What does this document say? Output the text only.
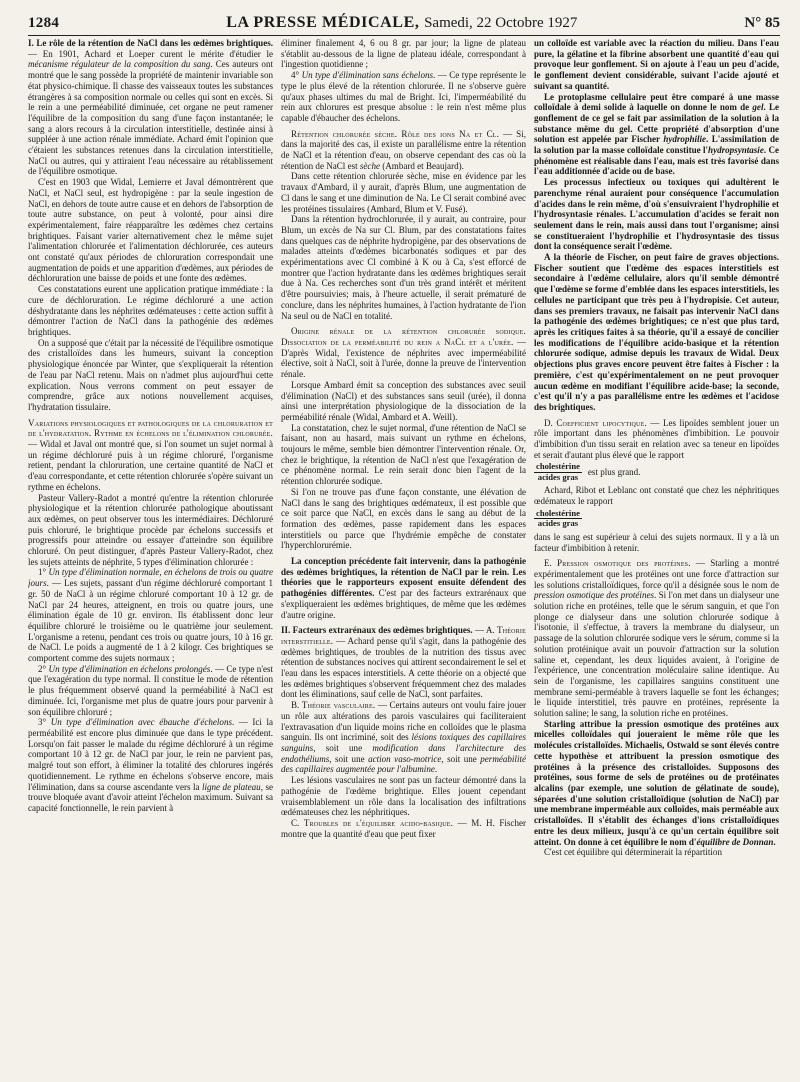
1284	LA PRESSE MÉDICALE, Samedi, 22 Octobre 1927	N° 85

I. Le rôle de la rétention de NaCl dans les œdèmes brightiques. — En 1901, Achard et Loeper curent le mérite d'étudier le mécanisme régulateur de la composition du sang. Ces auteurs ont montré que le sang possède la propriété de maintenir invariable son état physico-chimique. Il chasse des vaisseaux toutes les substances étrangères à sa composition normale ou celles qui sont en excès. Si le rein a une perméabilité diminuée, cet organe ne peut ramener l'équilibre de la composition du sang d'une façon instantanée; le sang a alors recours à la circulation interstitielle, destinée ainsi à suppléer à une action rénale immédiate. Achard émit l'opinion que c'étaient les substances retenues dans la circulation interstitielle, NaCl ou autres, qui y attiraient l'eau nécessaire au rétablissement de l'équilibre osmotique.

C'est en 1903 que Widal, Lemierre et Javal démontrèrent que NaCl, et NaCl seul, est hydropigène : par la seule ingestion de NaCl, en dehors de toute autre cause et en dehors de l'absorption de toute autre substance, on peut à volonté, pour ainsi dire expérimentalement, faire réapparaître les œdèmes chez certains brightiques. Faisant varier alternativement chez le même sujet l'alimentation chlorurée et l'alimentation déchlorurée, ces auteurs ont constaté qu'aux périodes de chloruration correspondait une augmentation de poids et une apparition d'œdèmes, aux périodes de déchloruration une baisse de poids et une fonte des œdèmes.

Ces constatations eurent une application pratique immédiate : la cure de déchloruration. Le régime déchloruré a une action déshydratante dans les néphrites œdémateuses : cette action suffit à démontrer l'action de NaCl dans la pathogénie des œdèmes brightiques.

On a supposé que c'était par la nécessité de l'équilibre osmotique des cristalloïdes dans les humeurs, suivant la conception physiologique énoncée par Winter, que s'expliquerait la rétention de l'eau par NaCl retenu. Mais on n'admet plus aujourd'hui cette explication. Nous verrons comment on peut essayer de comprendre, grâce aux notions nouvellement acquises, l'hydratation tissulaire.

Variations physiologiques et pathologiques de la chloruration et de l'hydratation. Rythme en échelons de l'élimination chlorurée. — Widal et Javal ont montré que, si l'on soumet un sujet normal à un régime déchloruré puis à un régime chloruré, l'organisme retient, pendant la chloruration, une certaine quantité de NaCl et d'eau correspondante, et cette rétention chlorurée s'opère suivant un rythme en échelons.

Pasteur Vallery-Radot a montré qu'entre la rétention chlorurée physiologique et la rétention chlorurée pathologique aboutissant aux œdèmes, on peut observer tous les intermédiaires. Déchloruré puis chloruré, le brightique procède par échelons successifs et progressifs pour atteindre ou essayer d'atteindre son équilibre chloruré. On peut distinguer, d'après Pasteur Vallery-Radot, chez les sujets atteints de néphrite, 5 types d'élimination chlorurée :

1° Un type d'élimination normale, en échelons de trois ou quatre jours. — Les sujets, passant d'un régime déchloruré comportant 1 gr. 50 de NaCl à un régime chloruré comportant 10 à 12 gr. de NaCl par 24 heures, atteignent, en trois ou quatre jours, une élimination égale de 10 gr. environ. Ils établissent donc leur équilibre chloruré le troisième ou le quatrième jour seulement. L'organisme a retenu, pendant ces trois ou quatre jours, 10 à 16 gr. de NaCl. Le poids a augmenté de 1 à 2 kilogr. Ces brightiques se comportent comme des sujets normaux ;

2° Un type d'élimination en échelons prolongés. — Ce type n'est que l'exagération du type normal. Il constitue le mode de rétention le plus fréquemment observé quand la perméabilité à NaCl est diminuée. Ici, l'organisme met plus de quatre jours pour parvenir à son équilibre chloruré ;

3° Un type d'élimination avec ébauche d'échelons. — Ici la perméabilité est encore plus diminuée que dans le type précédent. Lorsqu'on fait passer le malade du régime déchloruré à un régime comportant 10 à 12 gr. de NaCl par jour, le rein ne parvient pas, malgré tout son effort, à éliminer la totalité des chlorures ingérés quotidiennement. Le rythme en échelons s'observe encore, mais l'élimination, dans sa course ascendante vers la ligne de plateau, se trouve bloquée avant d'avoir atteint l'échelon maximum. Suivant sa capacité fonctionnelle, le rein parvient à

éliminer finalement 4, 6 ou 8 gr. par jour; la ligne de plateau s'établit au-dessous de la ligne de plateau idéale, correspondant à l'ingestion quotidienne ;

4° Un type d'élimination sans échelons. — Ce type représente le type le plus élevé de la rétention chlorurée. Il ne s'observe guère qu'aux phases ultimes du mal de Bright. Ici, l'imperméabilité du rein aux chlorures est presque absolue : le rein n'est même plus capable d'ébaucher des échelons.

Rétention chlorurée sèche. Rôle des ions Na et Cl. — Si, dans la majorité des cas, il existe un parallélisme entre la rétention de NaCl et la rétention d'eau, on observe cependant des cas où la rétention de NaCl est sèche (Ambard et Beaujard).

Dans cette rétention chlorurée sèche, mise en évidence par les travaux d'Ambard, il y aurait, d'après Blum, une augmentation de Cl dans le sang et une diminution de Na. Le Cl serait combiné avec les protéines tissulaires (Ambard, Blum et V. Fusé).

Dans la rétention hydrochlorurée, il y aurait, au contraire, pour Blum, un excès de Na sur Cl. Blum, par des constatations faites dans quelques cas de néphrite hydropigène, par des observations de malades atteints d'œdèmes bicarbonatés sodiques et par des expérimentations avec Cl combiné à K ou à Ca, s'est efforcé de montrer que l'action hydratante dans les œdèmes brightiques serait due à Na. Ces recherches sont d'un très grand intérêt et méritent d'être poursuivies; mais, à l'heure actuelle, il serait prématuré de conclure, dans les néphrites humaines, à l'action hydratante de l'ion Na seul ou de NaCl en totalité.

Origine rénale de la rétention chlorurée sodique. Dissociation de la perméabilité du rein a NaCl et a l'urée. — D'après Widal, l'existence de néphrites avec imperméabilité élective, soit à NaCl, soit à l'urée, donne la preuve de l'intervention rénale.

Lorsque Ambard émit sa conception des substances avec seuil d'élimination (NaCl) et des substances sans seuil (urée), il donna ainsi une interprétation physiologique de la dissociation de la perméabilité rénale (Widal, Ambard et A. Weill).

La constatation, chez le sujet normal, d'une rétention de NaCl se faisant, non au hasard, mais suivant un rythme en échelons, toujours le même, semble bien démontrer l'intervention rénale. Or, chez le brightique, la rétention de NaCl n'est que l'exagération de ce phénomène normal. Le rein serait donc bien l'agent de la rétention chlorurée sodique.

Si l'on ne trouve pas d'une façon constante, une élévation de NaCl dans le sang des brightiques œdémateux, il est possible que ce soit parce que NaCl, en excès dans le sang au début de la formation des œdèmes, passe rapidement dans les espaces interstitiels ou parce que l'hydrémie empêche de constater l'hyperchlorurémie.

La conception précédente fait intervenir, dans la pathogénie des œdèmes brightiques, la rétention de NaCl par le rein. Les théories que le rapporteurs exposent ensuite défendent des pathogénies différentes. C'est par des facteurs extrarénaux que s'expliqueraient les œdèmes brightiques, de même que les œdèmes d'autre origine.

II. Facteurs extrarénaux des œdèmes brightiques. — A. Théorie interstitielle. — Achard pense qu'il s'agit, dans la pathogénie des œdèmes brightiques, de troubles de la nutrition des tissus avec rétention de substances nocives qui attirent secondairement le sel et l'eau dans les espaces interstitiels. A cette théorie on a objecté que les œdèmes brightiques s'observent fréquemment chez des malades dont les éliminations, sauf celle de NaCl, sont parfaites.

B. Théorie vasculaire. — Certains auteurs ont voulu faire jouer un rôle aux altérations des parois vasculaires qui faciliteraient l'extravasation d'un liquide moins riche en colloïdes que le plasma sanguin. Ils ont incriminé, soit des lésions toxiques des capillaires sanguins, soit une modification dans l'architecture des endothéliums, soit une action vaso-motrice, soit une perméabilité des capillaires augmentée pour l'albumine.

Les lésions vasculaires ne sont pas un facteur démontré dans la pathogénie de l'œdème brightique. Elles jouent cependant vraisemblablement un rôle dans la localisation des infiltrations œdémateuses chez les néphritiques.

C. Troubles de l'équilibre acido-basique. — M. H. Fischer montre que la quantité d'eau que peut fixer

un colloïde est variable avec la réaction du milieu. Dans l'eau pure, la gélatine et la fibrine absorbent une quantité d'eau qui provoque leur gonflement. Si on ajoute à l'eau un peu d'acide, le gonflement devient considérable, suivant l'acide ajouté et suivant sa quantité.

Le protoplasme cellulaire peut être comparé à une masse colloïdale à demi solide à laquelle on donne le nom de gel. Le gonflement de ce gel se fait par assimilation de la solution à la substance même du gel. Cette propriété d'absorption d'une solution est appelée par Fischer hydrophilie. L'assimilation de la solution par la masse colloïdale constitue l'hydropsyntasie. Ce phénomène est réalisable dans l'eau, mais est très favorisé dans l'eau additionnée d'acide ou de base.

Les processus infectieux ou toxiques qui adultèrent le parenchyme rénal auraient pour conséquence l'accumulation d'acides dans le rein même, d'où s'ensuivraient l'hydrophilie et l'hydrosyntasie rénales. L'accumulation d'acides se ferait non seulement dans le rein, mais aussi dans tout l'organisme; ainsi se constitueraient l'hydrophilie et l'hydrosyntasie des tissus dont la conséquence serait l'œdème.

A la théorie de Fischer, on peut faire de graves objections. Fischer soutient que l'œdème des espaces interstitiels est secondaire à l'œdème cellulaire, alors qu'il semble démontré que l'œdème se forme d'emblée dans les espaces interstitiels, les cellules ne participant que très peu à l'hydropisie. Cet auteur, dans ses premiers travaux, ne faisait pas intervenir NaCl dans la pathogénie des œdèmes brightiques; ce n'est que plus tard, après les critiques faites à sa théorie, qu'il a essayé de concilier les modifications de l'équilibre acido-basique et la rétention chlorurée sodique, admise depuis les travaux de Widal. Deux objections plus graves encore peuvent être faites à Fischer : la première, c'est qu'expérimentalement on ne peut provoquer aucun œdème en modifiant l'équilibre acide-base; la seconde, c'est qu'il n'y a pas parallélisme entre les œdèmes et l'acidose des brightiques.

D. Coefficient lipocytique. — Les lipoïdes semblent jouer un rôle important dans les phénomènes d'imbibition. Le pouvoir d'imbibition d'un tissu serait en relation avec sa teneur en lipoïdes et serait d'autant plus élevé que le rapport

$\frac{\text{cholestérine}}{\text{acides gras}}$ est plus grand.

Achard, Ribot et Leblanc ont constaté que chez les néphritiques œdémateux le rapport

$\frac{\text{cholestérine}}{\text{acides gras}}$

dans le sang est supérieur à celui des sujets normaux. Il y a là un facteur d'imbibition à retenir.

E. Pression osmotique des protéines. — Starling a montré expérimentalement que les protéines ont une force d'attraction sur les solutions cristalloïdiques, force qu'il a désignée sous le nom de pression osmotique des protéines. Si l'on met dans un dialyseur une solution riche en protéines, telle que le sérum sanguin, et que l'on plonge ce dialyseur dans une solution chlorurée sodique à l'isotonie, il s'effectue, à travers la membrane du dialyseur, un passage de la solution chlorurée sodique vers le sérum, comme si la solution protéinique avait un pouvoir d'attraction sur la solution saline et, cependant, les deux liquides avaient, à l'origine de l'expérience, une concentration moléculaire saline identique. Au sein de l'organisme, les capillaires sanguins constituent une membrane semi-perméable à travers laquelle se font les échanges; le liquide interstitiel, très pauvre en protéines, représente la solution saline; le sang, la solution riche en protéines.

Starling attribue la pression osmotique des protéines aux micelles colloïdales qui joueraient le même rôle que les molécules cristalloïdes. Michaelis, Ostwald se sont élevés contre cette hypothèse et attribuent la pression osmotique des protéines à la présence des cristalloïdes. Supposons des protéines, sous forme de sels de protéines ou de protéinates alcalins (par exemple, une solution de gélatinate de soude), séparées d'une solution cristalloïdique (solution de NaCl) par une membrane imperméable aux colloïdes, mais perméable aux cristalloïdes. Il s'établit des échanges d'ions cristalloïdiques entre les deux milieux, jusqu'à ce qu'un certain équilibre soit atteint. On donne à cet équilibre le nom d'équilibre de Donnan.

C'est cet équilibre qui déterminerait la répartition
